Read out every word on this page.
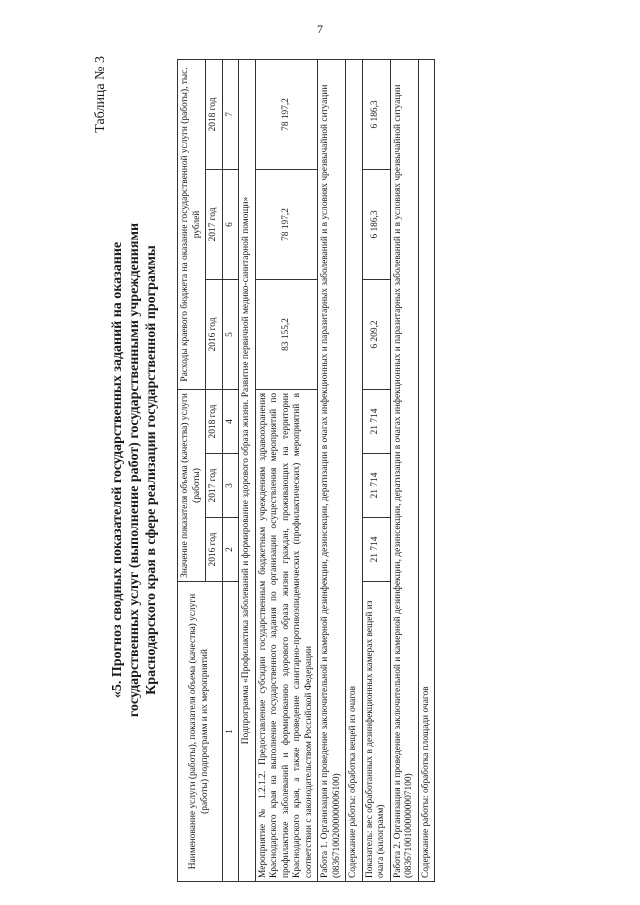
7
Таблица № 3
«5. Прогноз сводных показателей государственных заданий на оказание государственных услуг (выполнение работ) государственными учреждениями Краснодарского края в сфере реализации государственной программы
Наименование услуги (работы), показателя объема (качества) услуги (работы) подпрограмм и их мероприятий	Значение показателя объема (качества) услуги (работы)			Расходы краевого бюджета на оказание государственной услуги (работы), тыс. рублей		
	2016 год	2017 год	2018 год	2016 год	2017 год	2018 год
1	2	3	4	5	6	7
Подпрограмма «Профилактика заболеваний и формирование здорового образа жизни. Развитие первичной медико-санитарной помощи»						
Мероприятие № 1.2.1.2. Предоставление субсидии государственным бюджетным учреждениям здравоохранения Краснодарского края на выполнение государственного задания по организации осуществления мероприятий по профилактике заболеваний и формированию здорового образа жизни граждан, проживающих на территории Краснодарского края, а также проведение санитарно-противоэпидемических (профилактических) мероприятий в соответствии с законодательством Российской Федерации				83 155,2	78 197,2	78 197,2
Работа 1. Организация и проведение заключительной и камерной дезинфекции, дезинсекции, дератизации в очагах инфекционных и паразитарных заболеваний и в условиях чрезвычайной ситуации (083671002000000006100)						
Содержание работы: обработка вещей из очагов						
Показатель: вес обработанных в дезинфекционных камерах вещей из очага (килограмм)	21 714	21 714	21 714	6 209,2	6 186,3	6 186,3
Работа 2. Организация и проведение заключительной и камерной дезинфекции, дезинсекции, дератизации в очагах инфекционных и паразитарных заболеваний и в условиях чрезвычайной ситуации (083671001000000007100)						
Содержание работы: обработка площади очагов						
